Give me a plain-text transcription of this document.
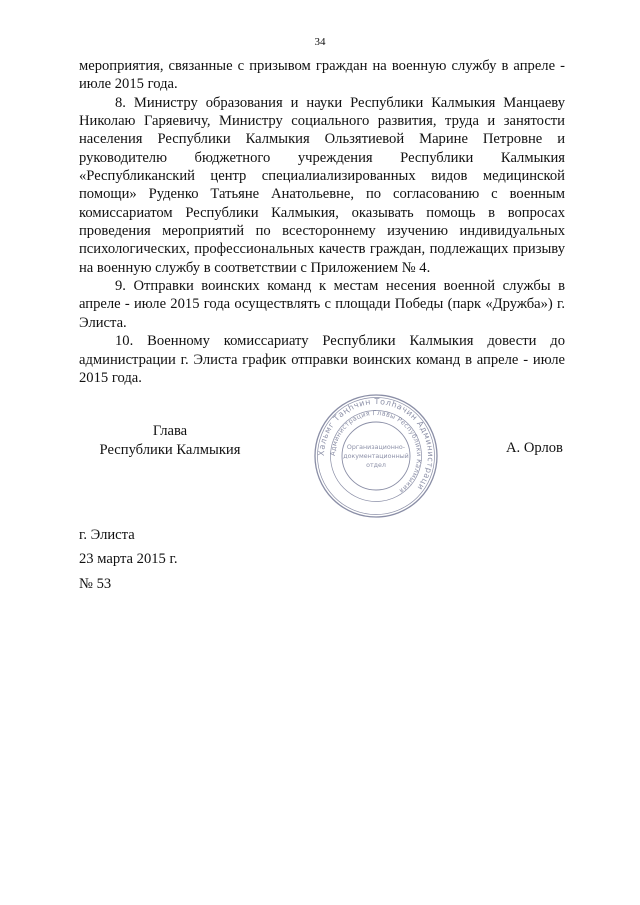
34

мероприятия, связанные с призывом граждан на военную службу в апреле - июле 2015 года.

8. Министру образования и науки Республики Калмыкия Манцаеву Николаю Гаряевичу, Министру социального развития, труда и занятости населения Республики Калмыкия Ользятиевой Марине Петровне и руководителю бюджетного учреждения Республики Калмыкия «Республиканский центр специалиализированных видов медицинской помощи» Руденко Татьяне Анатольевне, по согласованию с военным комиссариатом Республики Калмыкия, оказывать помощь в вопросах проведения мероприятий по всестороннему изучению индивидуальных психологических, профессиональных качеств граждан, подлежащих призыву на военную службу в соответствии с Приложением № 4.

9. Отправки воинских команд к местам несения военной службы в апреле - июле 2015 года осуществлять с площади Победы (парк «Дружба») г. Элиста.

10. Военному комиссариату Республики Калмыкия довести до администрации г. Элиста график отправки воинских команд в апреле - июле 2015 года.

Глава
Республики Калмыкия	Хальмг Таңһчин Толһачин Администраци
Администрация Главы Республики Калмыкия
Организационно-
документационный
отдел
А. Орлов
г. Элиста
23 марта 2015 г.
№ 53
